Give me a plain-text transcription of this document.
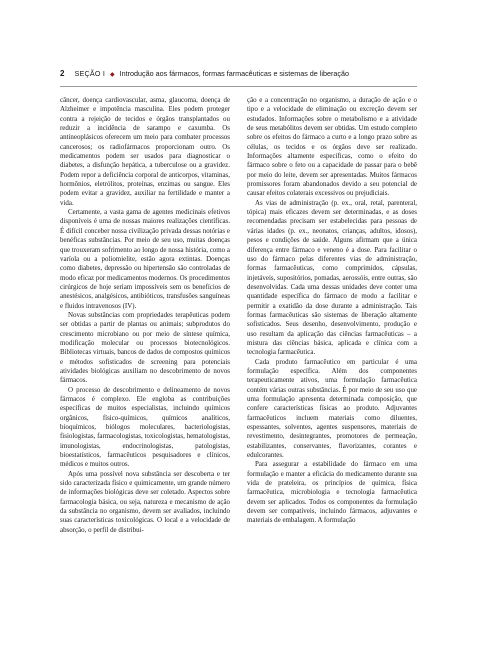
2 SEÇÃO I ◆ Introdução aos fármacos, formas farmacêuticas e sistemas de liberação

câncer, doença cardiovascular, asma, glaucoma, doença de Alzheimer e impotência masculina. Eles podem proteger contra a rejeição de tecidos e órgãos transplantados ou reduzir a incidência de sarampo e caxumba. Os antineoplásicos oferecem um meio para combater processos cancerosos; os radiofármacos proporcionam outro. Os medicamentos podem ser usados para diagnosticar o diabetes, a disfunção hepática, a tuberculose ou a gravidez. Podem repor a deficiência corporal de anticorpos, vitaminas, hormônios, eletrólitos, proteínas, enzimas ou sangue. Eles podem evitar a gravidez, auxiliar na fertilidade e manter a vida.

Certamente, a vasta gama de agentes medicinais efetivos disponíveis é uma de nossas maiores realizações científicas. É difícil conceber nossa civilização privada dessas notórias e benéficas substâncias. Por meio de seu uso, muitas doenças que trouxeram sofrimento ao longo de nossa história, como a varíola ou a poliomielite, estão agora extintas. Doenças como diabetes, depressão ou hipertensão são controladas de modo eficaz por medicamentos modernos. Os procedimentos cirúrgicos de hoje seriam impossíveis sem os benefícios de anestésicos, analgésicos, antibióticos, transfusões sanguíneas e fluidos intravenosos (IV).

Novas substâncias com propriedades terapêuticas podem ser obtidas a partir de plantas ou animais; subprodutos do crescimento microbiano ou por meio de síntese química, modificação molecular ou processos biotecnológicos. Bibliotecas virtuais, bancos de dados de compostos químicos e métodos sofisticados de screening para potenciais atividades biológicas auxiliam no descobrimento de novos fármacos.

O processo de descobrimento e delineamento de novos fármacos é complexo. Ele engloba as contribuições específicas de muitos especialistas, incluindo químicos orgânicos, físico-químicos, químicos analíticos, bioquímicos, biólogos moleculares, bacteriologistas, fisiologistas, farmacologistas, toxicologistas, hematologistas, imunologistas, endocrinologistas, patologistas, bioestatísticos, farmacêuticos pesquisadores e clínicos, médicos e muitos outros.

Após uma possível nova substância ser descoberta e ter sido caracterizada físico e quimicamente, um grande número de informações biológicas deve ser coletado. Aspectos sobre farmacologia básica, ou seja, natureza e mecanismo de ação da substância no organismo, devem ser avaliados, incluindo suas características toxicológicas. O local e a velocidade de absorção, o perfil de distribui-

ção e a concentração no organismo, a duração de ação e o tipo e a velocidade de eliminação ou excreção devem ser estudados. Informações sobre o metabolismo e a atividade de seus metabólitos devem ser obtidas. Um estudo completo sobre os efeitos do fármaco a curto e a longo prazo sobre as células, os tecidos e os órgãos deve ser realizado. Informações altamente específicas, como o efeito do fármaco sobre o feto ou a capacidade de passar para o bebê por meio do leite, devem ser apresentadas. Muitos fármacos promissores foram abandonados devido a seu potencial de causar efeitos colaterais excessivos ou prejudiciais.

As vias de administração (p. ex., oral, retal, parenteral, tópica) mais eficazes devem ser determinadas, e as doses recomendadas precisam ser estabelecidas para pessoas de várias idades (p. ex., neonatos, crianças, adultos, idosos), pesos e condições de saúde. Alguns afirmam que a única diferença entre fármaco e veneno é a dose. Para facilitar o uso do fármaco pelas diferentes vias de administração, formas farmacêuticas, como comprimidos, cápsulas, injetáveis, supositórios, pomadas, aerossóis, entre outras, são desenvolvidas. Cada uma dessas unidades deve conter uma quantidade específica do fármaco de modo a facilitar e permitir a exatidão da dose durante a administração. Tais formas farmacêuticas são sistemas de liberação altamente sofisticados. Seus desenho, desenvolvimento, produção e uso resultam da aplicação das ciências farmacêuticas – a mistura das ciências básica, aplicada e clínica com a tecnologia farmacêutica.

Cada produto farmacêutico em particular é uma formulação específica. Além dos componentes terapeuticamente ativos, uma formulação farmacêutica contém várias outras substâncias. É por meio de seu uso que uma formulação apresenta determinada composição, que confere características físicas ao produto. Adjuvantes farmacêuticos incluem materiais como diluentes, espessantes, solventes, agentes suspensores, materiais de revestimento, desintegrantes, promotores de permeação, estabilizantes, conservantes, flavorizantes, corantes e edulcorantes.

Para assegurar a estabilidade do fármaco em uma formulação e manter a eficácia do medicamento durante sua vida de prateleira, os princípios de química, física farmacêutica, microbiologia e tecnologia farmacêutica devem ser aplicados. Todos os componentes da formulação devem ser compatíveis, incluindo fármacos, adjuvantes e materiais de embalagem. A formulação
